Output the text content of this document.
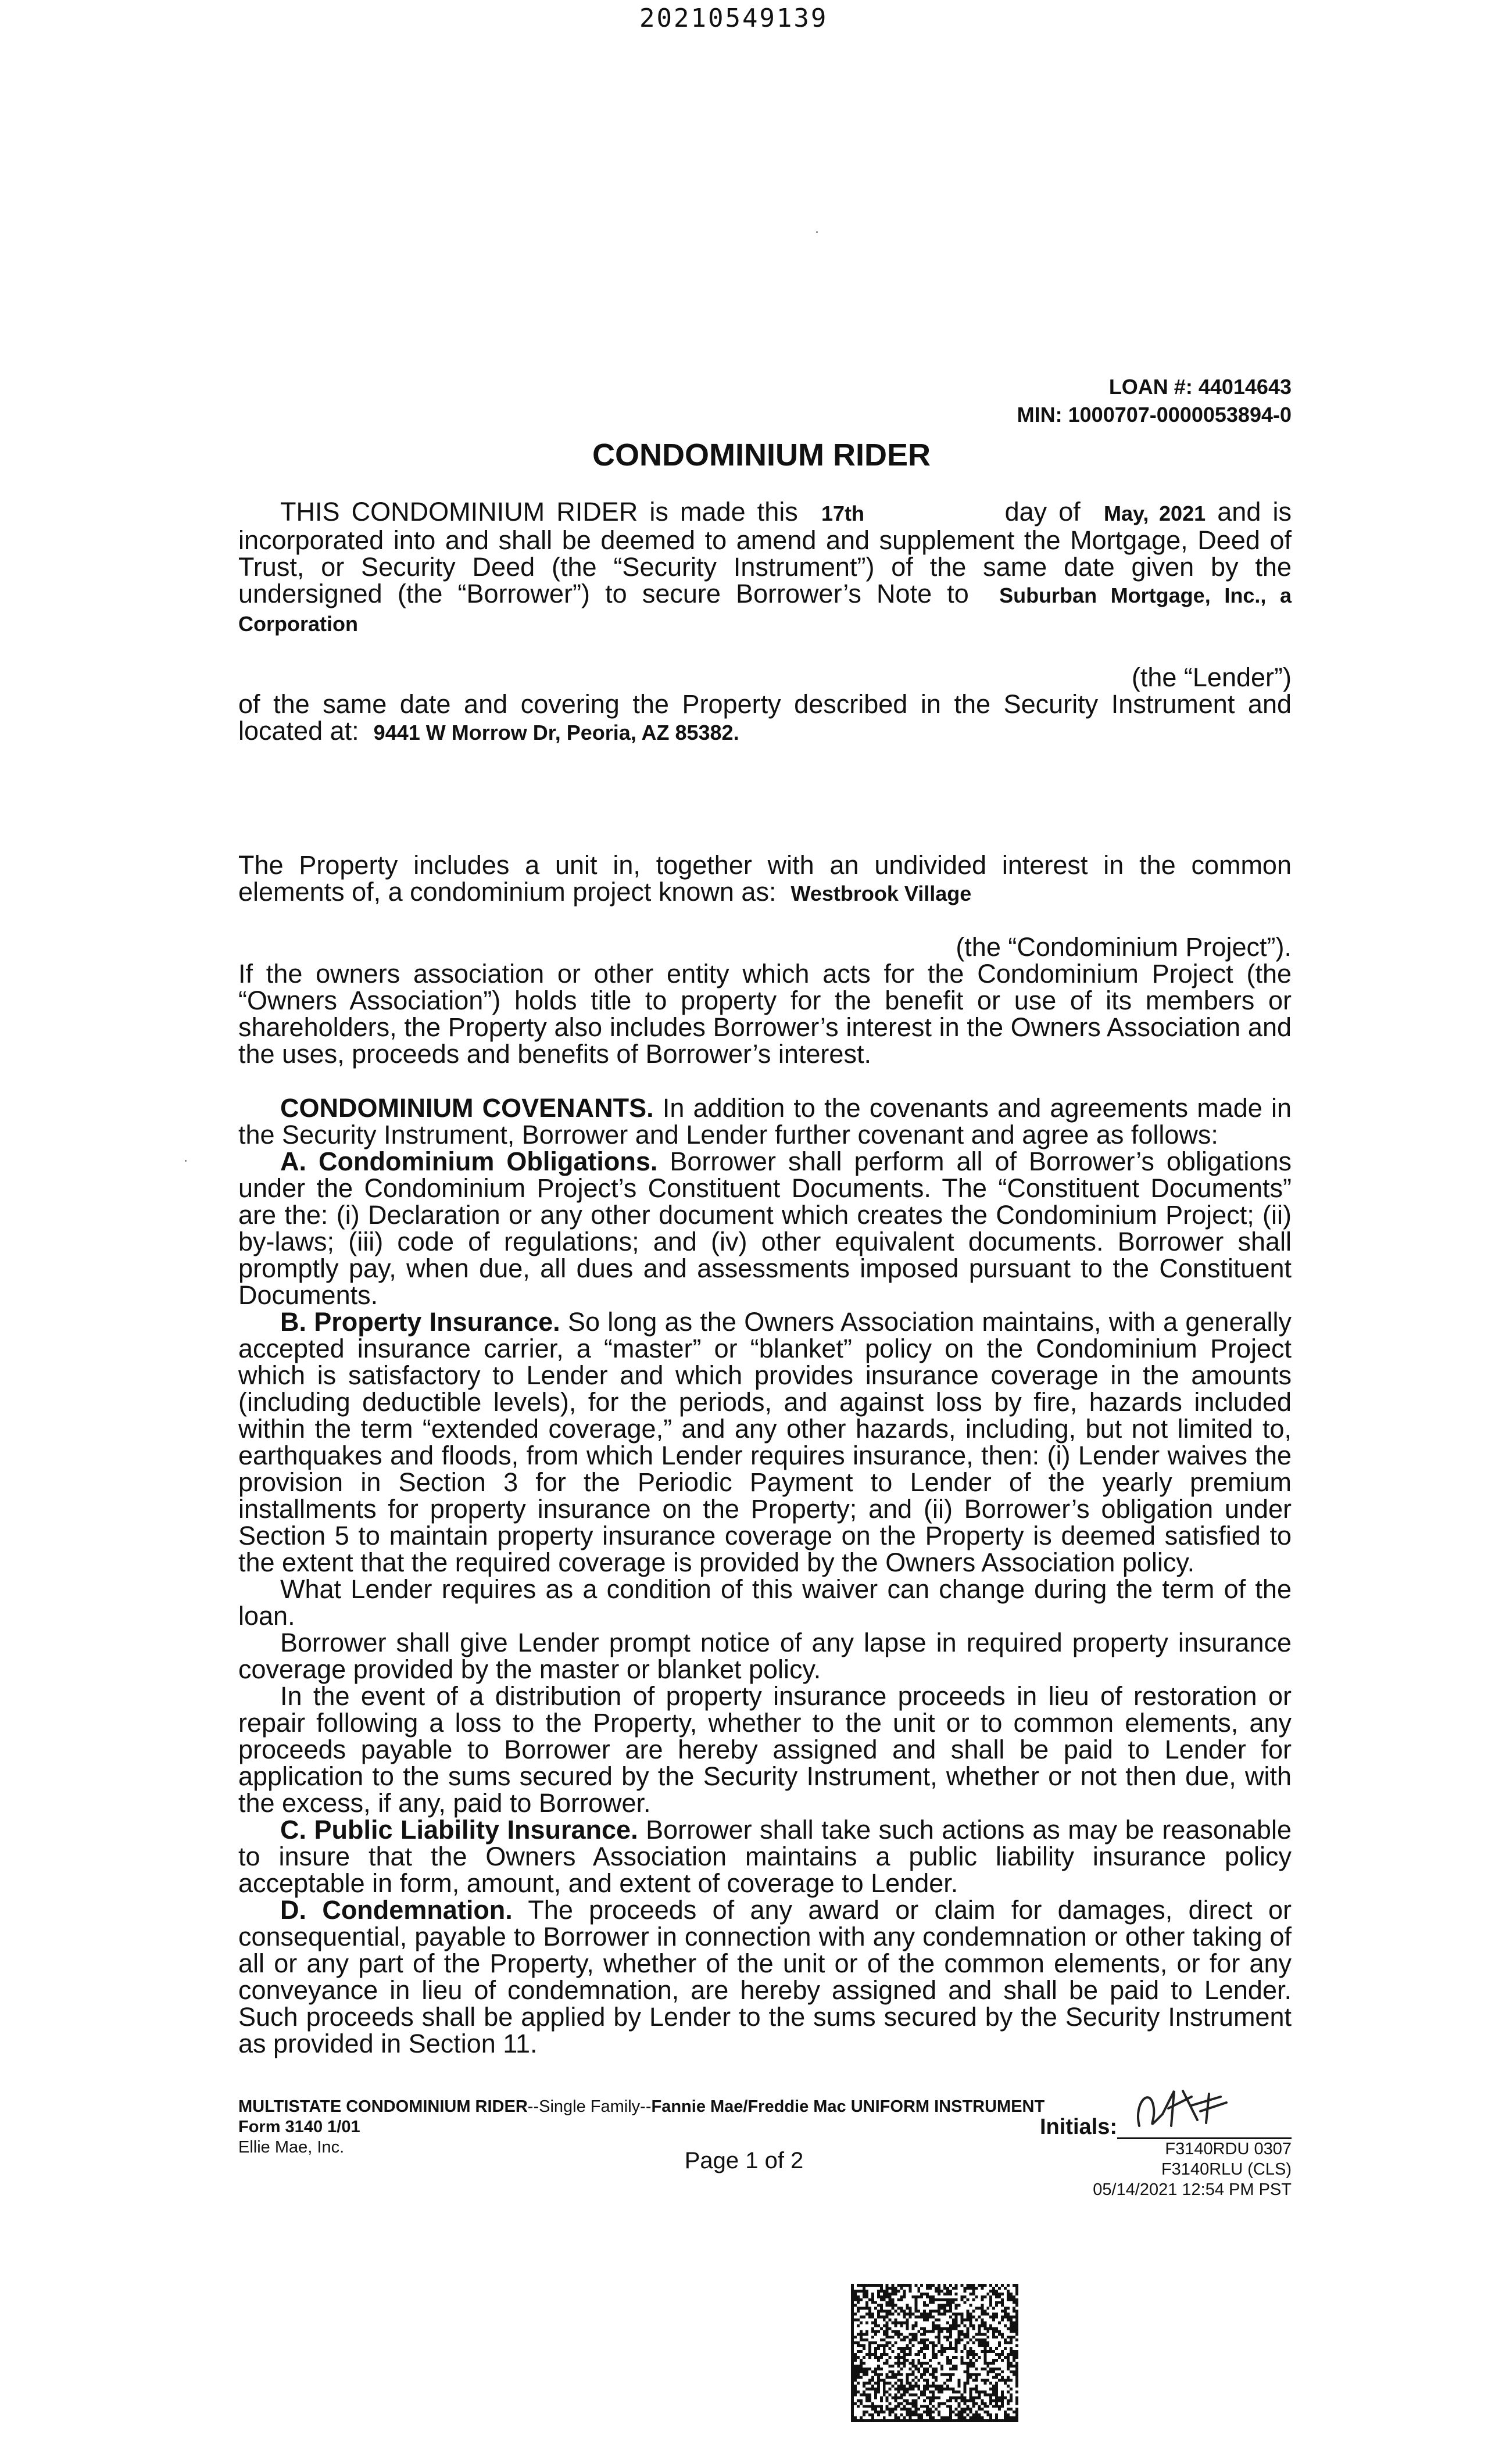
20210549139
LOAN #: 44014643
MIN: 1000707-0000053894-0
CONDOMINIUM RIDER

THIS CONDOMINIUM RIDER is made this 17th	day of May, 2021 and is incorporated into and shall be deemed to amend and supplement the Mortgage, Deed of Trust, or Security Deed (the “Security Instrument”) of the same date given by the undersigned (the “Borrower”) to secure Borrower’s Note to Suburban Mortgage, Inc., a Corporation

(the “Lender”)

of the same date and covering the Property described in the Security Instrument and located at: 9441 W Morrow Dr, Peoria, AZ 85382.

The Property includes a unit in, together with an undivided interest in the common elements of, a condominium project known as: Westbrook Village

(the “Condominium Project”).

If the owners association or other entity which acts for the Condominium Project (the “Owners Association”) holds title to property for the benefit or use of its members or shareholders, the Property also includes Borrower’s interest in the Owners Association and the uses, proceeds and benefits of Borrower’s interest.

CONDOMINIUM COVENANTS. In addition to the covenants and agreements made in the Security Instrument, Borrower and Lender further covenant and agree as follows:

A. Condominium Obligations. Borrower shall perform all of Borrower’s obligations under the Condominium Project’s Constituent Documents. The “Constituent Documents” are the: (i) Declaration or any other document which creates the Condominium Project; (ii) by-laws; (iii) code of regulations; and (iv) other equivalent documents. Borrower shall promptly pay, when due, all dues and assessments imposed pursuant to the Constituent Documents.

B. Property Insurance. So long as the Owners Association maintains, with a generally accepted insurance carrier, a “master” or “blanket” policy on the Condominium Project which is satisfactory to Lender and which provides insurance coverage in the amounts (including deductible levels), for the periods, and against loss by fire, hazards included within the term “extended coverage,” and any other hazards, including, but not limited to, earthquakes and floods, from which Lender requires insurance, then: (i) Lender waives the provision in Section 3 for the Periodic Payment to Lender of the yearly premium installments for property insurance on the Property; and (ii) Borrower’s obligation under Section 5 to maintain property insurance coverage on the Property is deemed satisfied to the extent that the required coverage is provided by the Owners Association policy.

What Lender requires as a condition of this waiver can change during the term of the loan.

Borrower shall give Lender prompt notice of any lapse in required property insurance coverage provided by the master or blanket policy.

In the event of a distribution of property insurance proceeds in lieu of restoration or repair following a loss to the Property, whether to the unit or to common elements, any proceeds payable to Borrower are hereby assigned and shall be paid to Lender for application to the sums secured by the Security Instrument, whether or not then due, with the excess, if any, paid to Borrower.

C. Public Liability Insurance. Borrower shall take such actions as may be reasonable to insure that the Owners Association maintains a public liability insurance policy acceptable in form, amount, and extent of coverage to Lender.

D. Condemnation. The proceeds of any award or claim for damages, direct or consequential, payable to Borrower in connection with any condemnation or other taking of all or any part of the Property, whether of the unit or of the common elements, or for any conveyance in lieu of condemnation, are hereby assigned and shall be paid to Lender. Such proceeds shall be applied by Lender to the sums secured by the Security Instrument as provided in Section 11.

MULTISTATE CONDOMINIUM RIDER--Single Family--Fannie Mae/Freddie Mac UNIFORM INSTRUMENT
Form 3140 1/01
Ellie Mae, Inc.
Page 1 of 2
Initials:
F3140RDU 0307
F3140RLU (CLS)
05/14/2021 12:54 PM PST
